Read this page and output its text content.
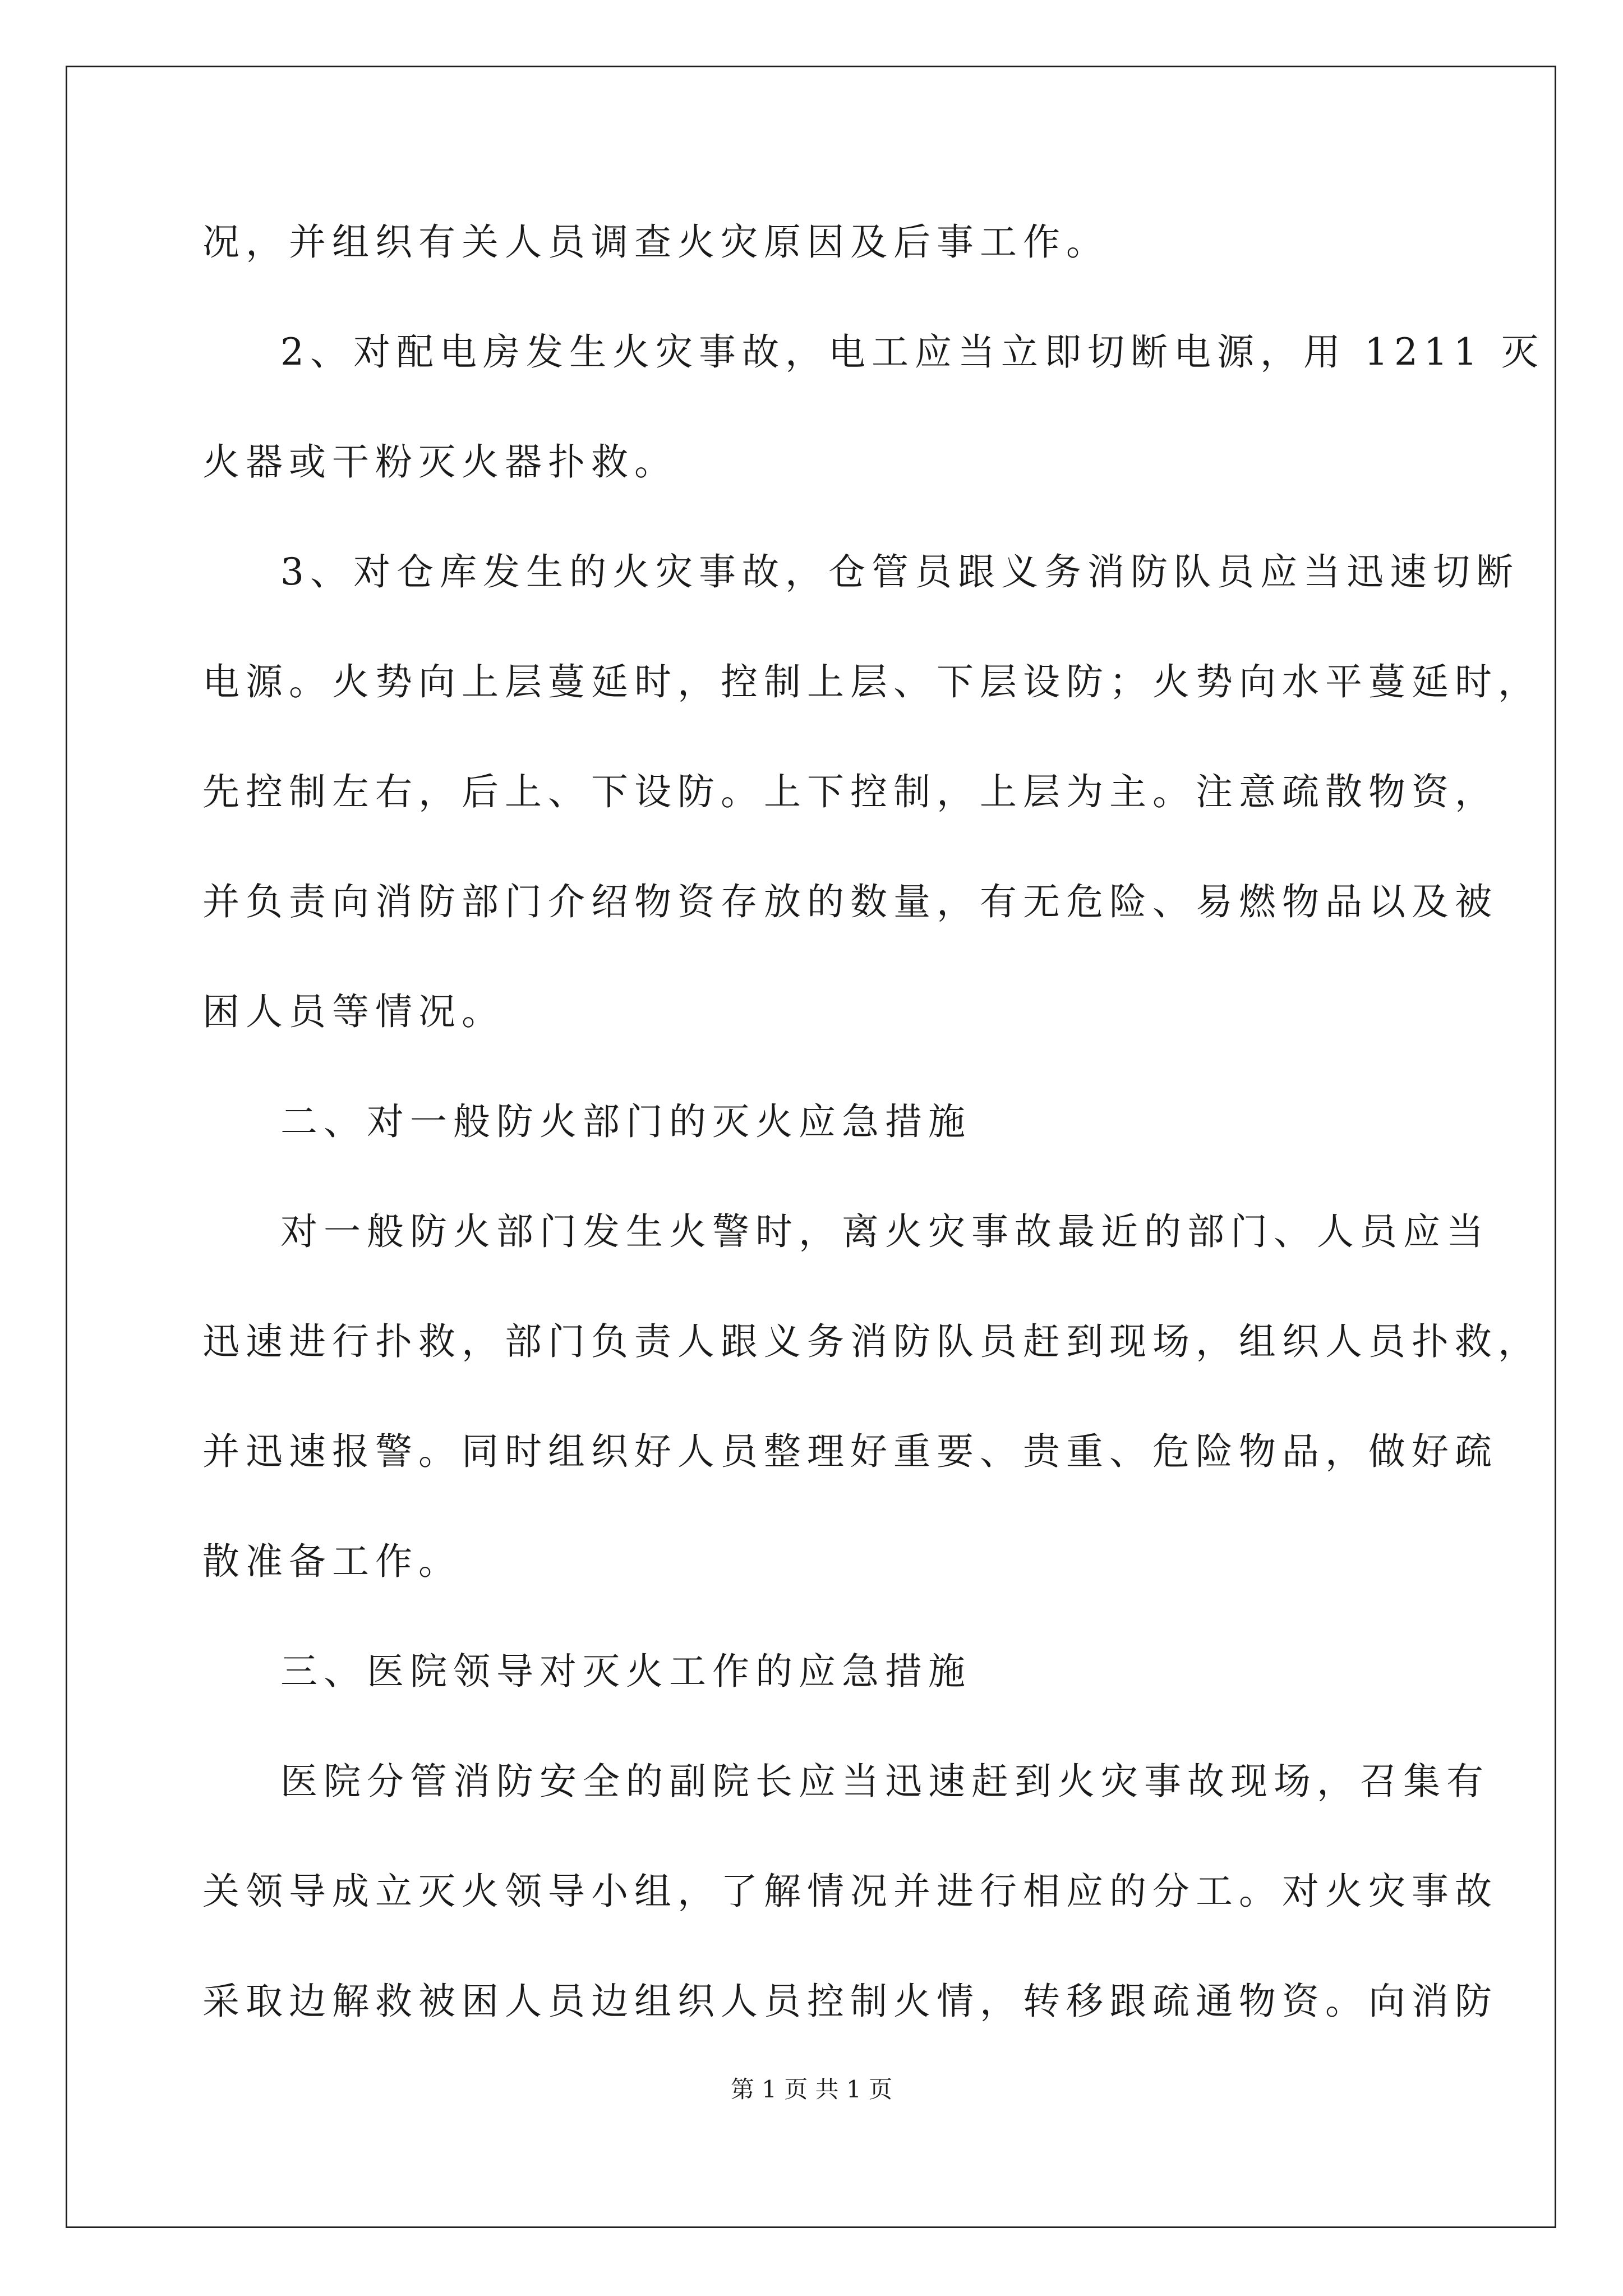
况，并组织有关人员调查火灾原因及后事工作。
2、对配电房发生火灾事故，电工应当立即切断电源，用 1211 灭
火器或干粉灭火器扑救。
3、对仓库发生的火灾事故，仓管员跟义务消防队员应当迅速切断
电源。火势向上层蔓延时，控制上层、下层设防；火势向水平蔓延时，
先控制左右，后上、下设防。上下控制，上层为主。注意疏散物资，
并负责向消防部门介绍物资存放的数量，有无危险、易燃物品以及被
困人员等情况。
二、对一般防火部门的灭火应急措施
对一般防火部门发生火警时，离火灾事故最近的部门、人员应当
迅速进行扑救，部门负责人跟义务消防队员赶到现场，组织人员扑救，
并迅速报警。同时组织好人员整理好重要、贵重、危险物品，做好疏
散准备工作。
三、医院领导对灭火工作的应急措施
医院分管消防安全的副院长应当迅速赶到火灾事故现场，召集有
关领导成立灭火领导小组，了解情况并进行相应的分工。对火灾事故
采取边解救被困人员边组织人员控制火情，转移跟疏通物资。向消防
第 1 页 共 1 页
